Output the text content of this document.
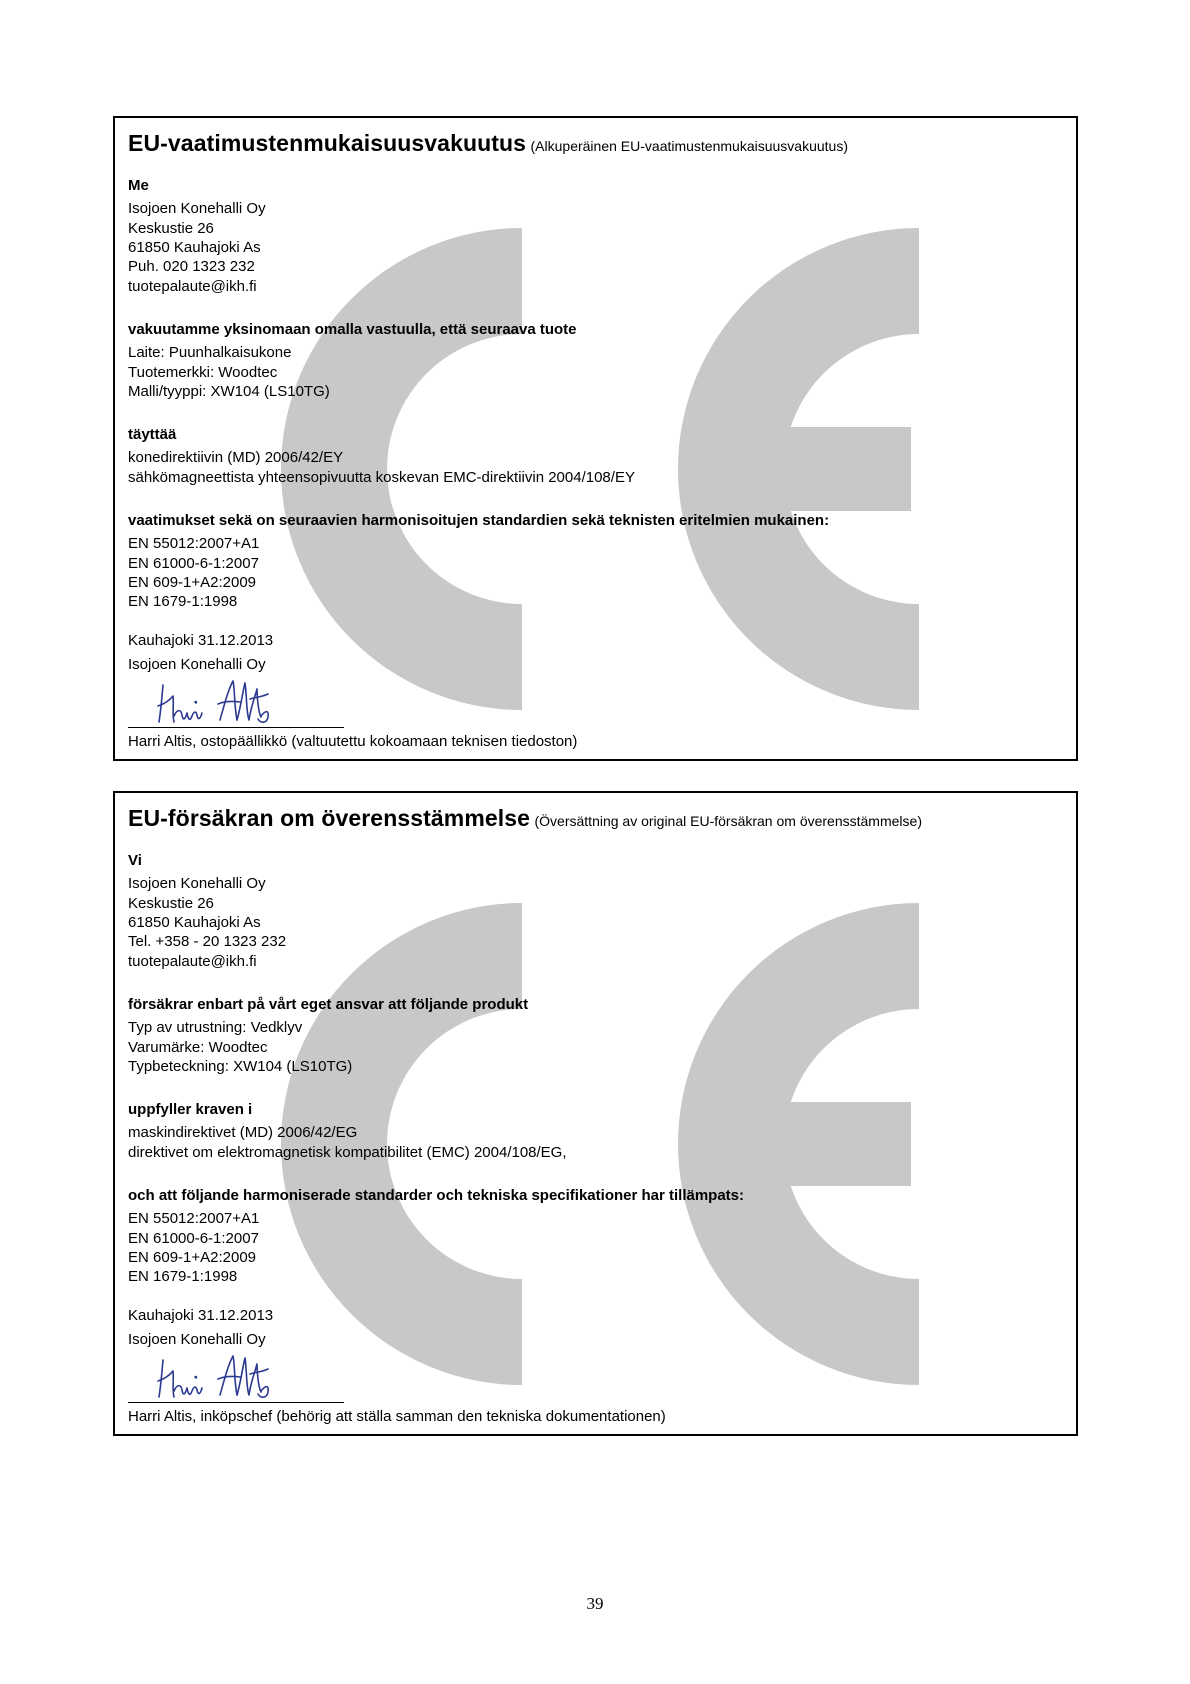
EU-vaatimustenmukaisuusvakuutus (Alkuperäinen EU-vaatimustenmukaisuusvakuutus)
Me
Isojoen Konehalli Oy
Keskustie 26
61850 Kauhajoki As
Puh. 020 1323 232
tuotepalaute@ikh.fi
vakuutamme yksinomaan omalla vastuulla, että seuraava tuote
Laite: Puunhalkaisukone
Tuotemerkki: Woodtec
Malli/tyyppi: XW104 (LS10TG)
täyttää
konedirektiivin (MD) 2006/42/EY
sähkömagneettista yhteensopivuutta koskevan EMC-direktiivin 2004/108/EY
vaatimukset sekä on seuraavien harmonisoitujen standardien sekä teknisten eritelmien mukainen:
EN 55012:2007+A1
EN 61000-6-1:2007
EN 609-1+A2:2009
EN 1679-1:1998
Kauhajoki 31.12.2013
Isojoen Konehalli Oy
Harri Altis, ostopäällikkö (valtuutettu kokoamaan teknisen tiedoston)
EU-försäkran om överensstämmelse (Översättning av original EU-försäkran om överensstämmelse)
Vi
Isojoen Konehalli Oy
Keskustie 26
61850 Kauhajoki As
Tel. +358 - 20 1323 232
tuotepalaute@ikh.fi
försäkrar enbart på vårt eget ansvar att följande produkt
Typ av utrustning: Vedklyv
Varumärke: Woodtec
Typbeteckning: XW104 (LS10TG)
uppfyller kraven i
maskindirektivet (MD) 2006/42/EG
direktivet om elektromagnetisk kompatibilitet (EMC) 2004/108/EG,
och att följande harmoniserade standarder och tekniska specifikationer har tillämpats:
EN 55012:2007+A1
EN 61000-6-1:2007
EN 609-1+A2:2009
EN 1679-1:1998
Kauhajoki 31.12.2013
Isojoen Konehalli Oy
Harri Altis, inköpschef (behörig att ställa samman den tekniska dokumentationen)
39
